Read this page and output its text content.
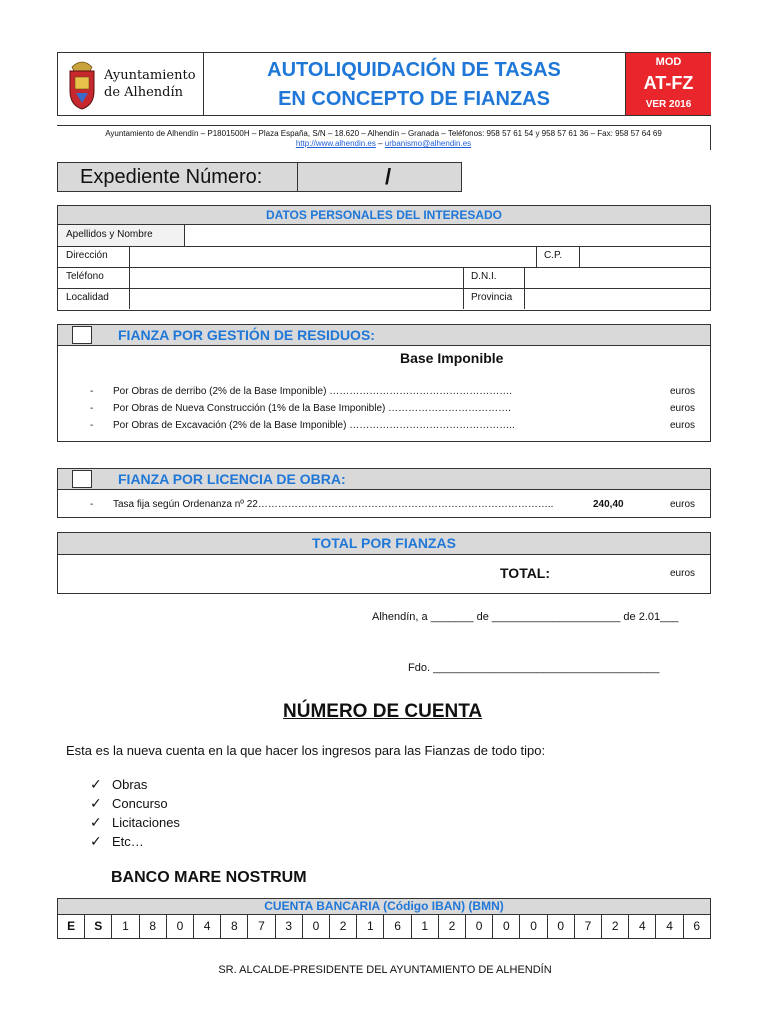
Ayuntamiento
de Alhendín
AUTOLIQUIDACIÓN DE TASAS
EN CONCEPTO DE FIANZAS
MOD
AT-FZ
VER 2016
Ayuntamiento de Alhendín – P1801500H – Plaza España, S/N – 18.620 – Alhendín – Granada – Teléfonos: 958 57 61 54 y 958 57 61 36 – Fax: 958 57 64 69
http://www.alhendin.es – urbanismo@alhendin.es
Expediente Número:	/
DATOS PERSONALES DEL INTERESADO
Apellidos y Nombre
Dirección	C.P.
Teléfono	D.N.I.
Localidad	Provincia
FIANZA POR GESTIÓN DE RESIDUOS:
Base Imponible
- Por Obras de derribo (2% de la Base Imponible) ……………………………………………….	euros
- Por Obras de Nueva Construcción (1% de la Base Imponible) ……………………………….	euros
- Por Obras de Excavación (2% de la Base Imponible) …………………………………………..	euros
FIANZA POR LICENCIA DE OBRA:
- Tasa fija según Ordenanza nº 22……………………………………………………………………………..	240,40	euros
TOTAL POR FIANZAS
TOTAL:	euros
Alhendín, a _______ de _____________________ de 2.01___
Fdo. _____________________________________
NÚMERO DE CUENTA
Esta es la nueva cuenta en la que hacer los ingresos para las Fianzas de todo tipo:
✓ Obras
✓ Concurso
✓ Licitaciones
✓ Etc…
BANCO MARE NOSTRUM
CUENTA BANCARIA (Código IBAN) (BMN)
E	S	1	8	0	4	8	7	3	0	2	1	6	1	2	0	0	0	0	7	2	4	4	6
SR. ALCALDE-PRESIDENTE DEL AYUNTAMIENTO DE ALHENDÍN
